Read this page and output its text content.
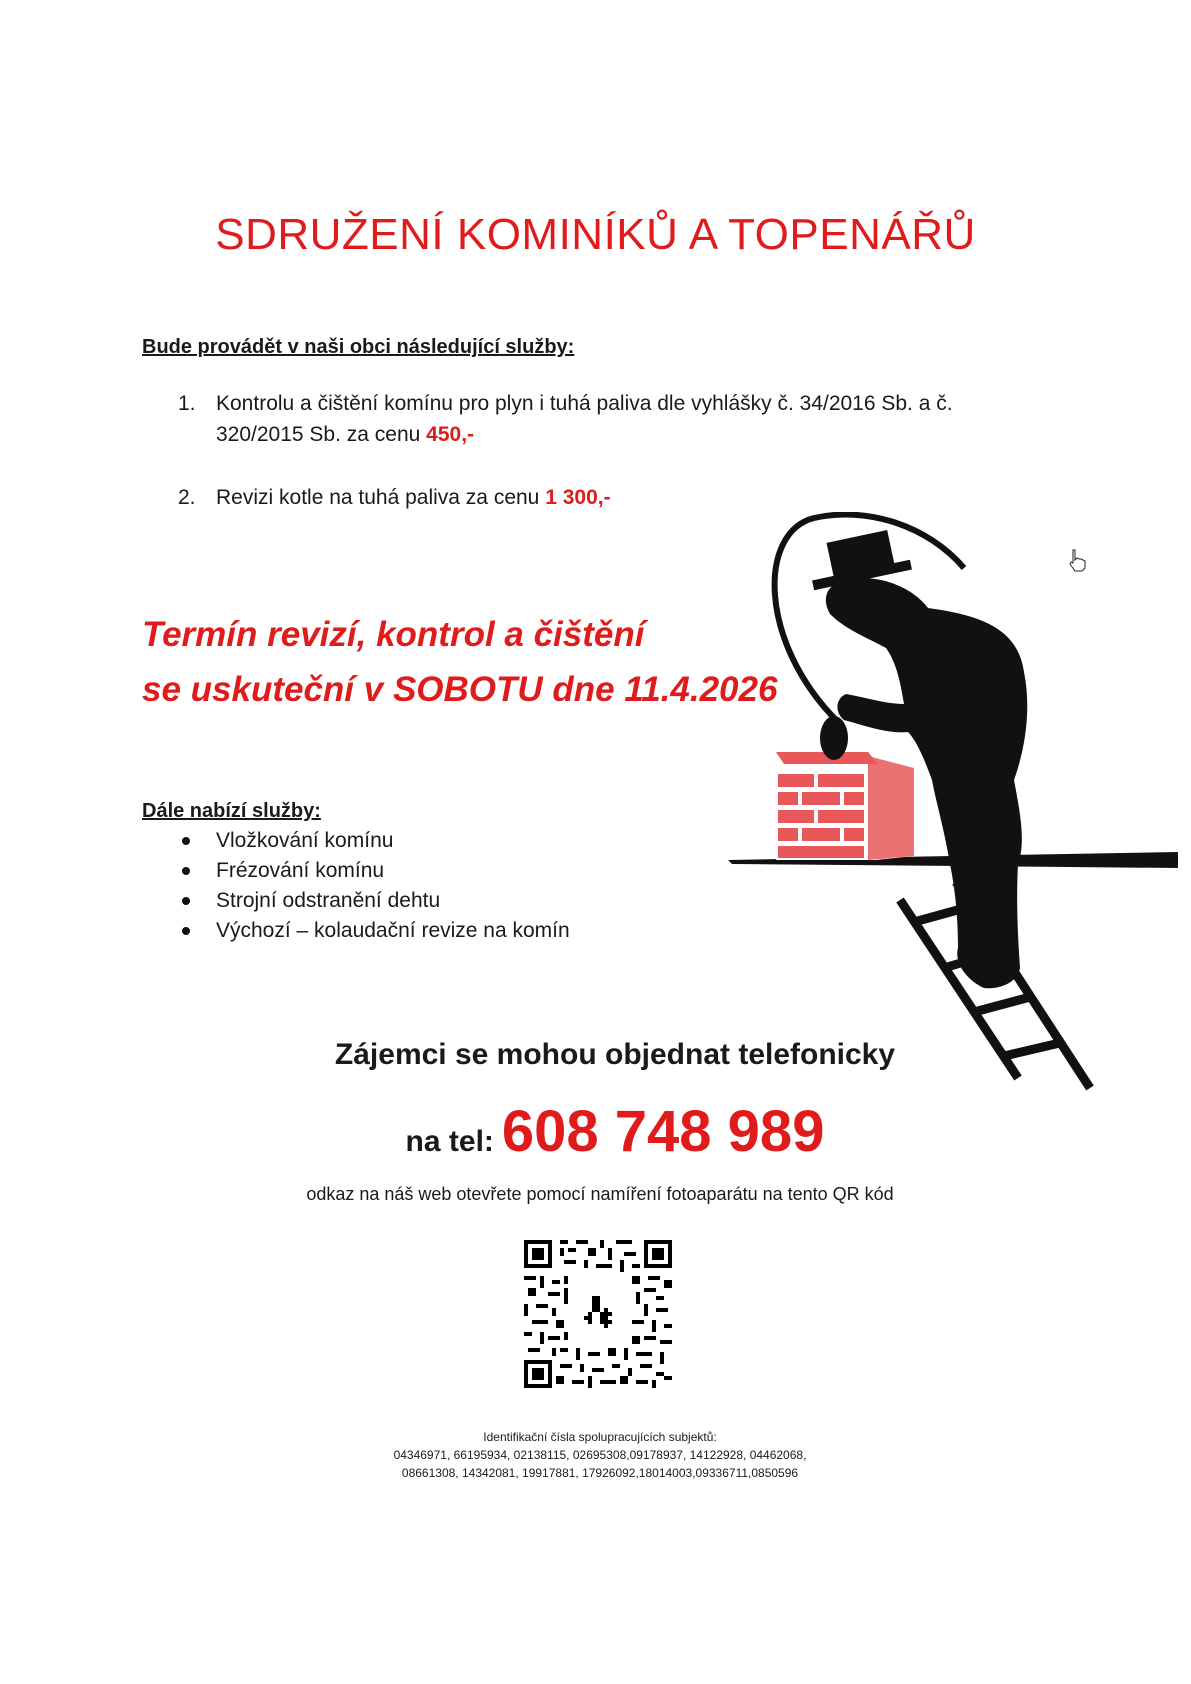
SDRUŽENÍ KOMINÍKŮ A TOPENÁŘŮ
Bude provádět v naši obci následující služby:
1. Kontrolu a čištění komínu pro plyn i tuhá paliva dle vyhlášky č. 34/2016 Sb. a č.
320/2015 Sb. za cenu 450,-
2. Revizi kotle na tuhá paliva za cenu 1 300,-
Termín revizí, kontrol a čištění
se uskuteční v SOBOTU dne 11.4.2026
Dále nabízí služby:
Vložkování komínu
Frézování komínu
Strojní odstranění dehtu
Výchozí – kolaudační revize na komín
Zájemci se mohou objednat telefonicky
na tel: 608 748 989
odkaz na náš web otevřete pomocí namíření fotoaparátu na tento QR kód
Identifikační čísla spolupracujících subjektů:
04346971, 66195934, 02138115, 02695308,09178937, 14122928, 04462068,
08661308, 14342081, 19917881, 17926092,18014003,09336711,0850596
